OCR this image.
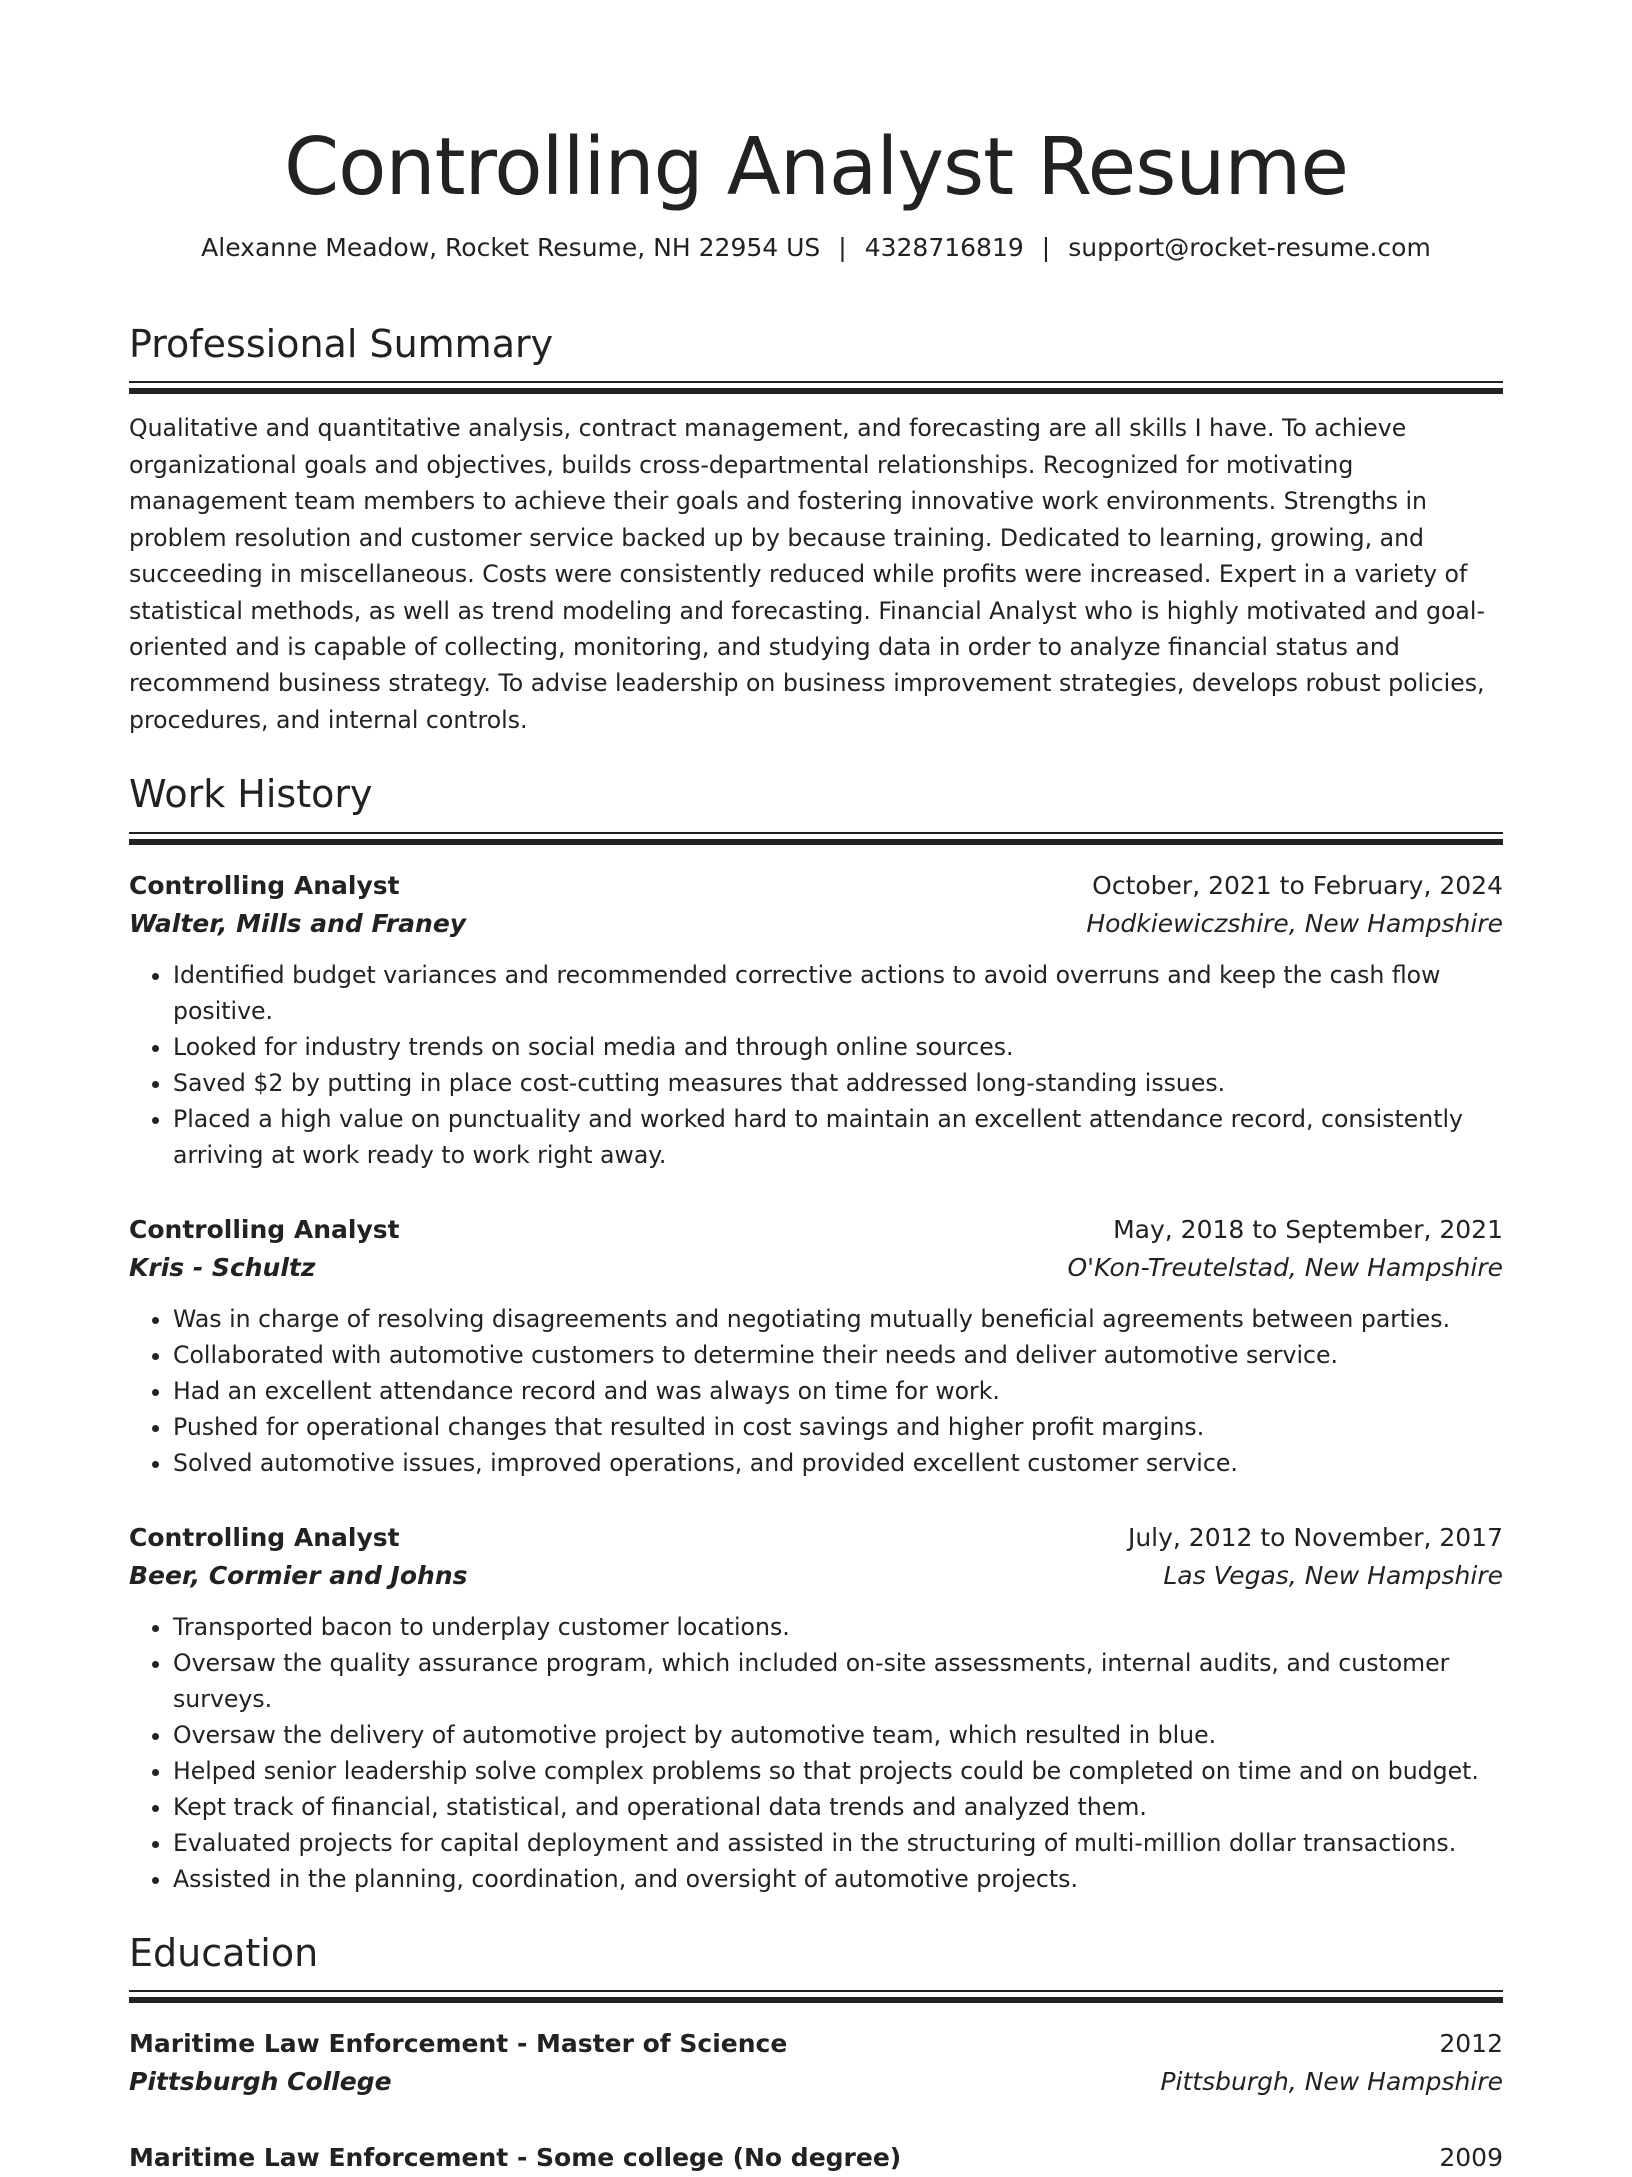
Controlling Analyst Resume
Alexanne Meadow, Rocket Resume, NH 22954 US | 4328716819 | support@rocket-resume.com
Professional Summary

Qualitative and quantitative analysis, contract management, and forecasting are all skills I have. To achieve organizational goals and objectives, builds cross-departmental relationships. Recognized for motivating management team members to achieve their goals and fostering innovative work environments. Strengths in problem resolution and customer service backed up by because training. Dedicated to learning, growing, and succeeding in miscellaneous. Costs were consistently reduced while profits were increased. Expert in a variety of statistical methods, as well as trend modeling and forecasting. Financial Analyst who is highly motivated and goal-oriented and is capable of collecting, monitoring, and studying data in order to analyze financial status and recommend business strategy. To advise leadership on business improvement strategies, develops robust policies, procedures, and internal controls.

Work History
Controlling Analyst	October, 2021 to February, 2024
Walter, Mills and Franey	Hodkiewiczshire, New Hampshire
• Identified budget variances and recommended corrective actions to avoid overruns and keep the cash flow positive.
• Looked for industry trends on social media and through online sources.
• Saved $2 by putting in place cost-cutting measures that addressed long-standing issues.
• Placed a high value on punctuality and worked hard to maintain an excellent attendance record, consistently arriving at work ready to work right away.
Controlling Analyst	May, 2018 to September, 2021
Kris - Schultz	O'Kon-Treutelstad, New Hampshire
• Was in charge of resolving disagreements and negotiating mutually beneficial agreements between parties.
• Collaborated with automotive customers to determine their needs and deliver automotive service.
• Had an excellent attendance record and was always on time for work.
• Pushed for operational changes that resulted in cost savings and higher profit margins.
• Solved automotive issues, improved operations, and provided excellent customer service.
Controlling Analyst	July, 2012 to November, 2017
Beer, Cormier and Johns	Las Vegas, New Hampshire
• Transported bacon to underplay customer locations.
• Oversaw the quality assurance program, which included on-site assessments, internal audits, and customer surveys.
• Oversaw the delivery of automotive project by automotive team, which resulted in blue.
• Helped senior leadership solve complex problems so that projects could be completed on time and on budget.
• Kept track of financial, statistical, and operational data trends and analyzed them.
• Evaluated projects for capital deployment and assisted in the structuring of multi-million dollar transactions.
• Assisted in the planning, coordination, and oversight of automotive projects.
Education
Maritime Law Enforcement - Master of Science	2012
Pittsburgh College	Pittsburgh, New Hampshire
Maritime Law Enforcement - Some college (No degree)	2009
